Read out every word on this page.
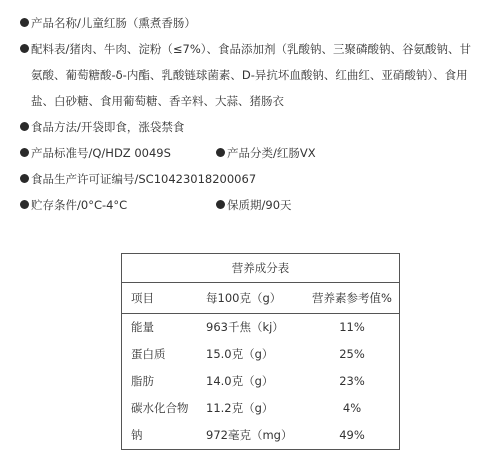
产品名称/儿童红肠（熏煮香肠）
配料表/猪肉、牛肉、淀粉（≤7%）、食品添加剂（乳酸钠、三聚磷酸钠、谷氨酸钠、甘氨酸、葡萄糖酸-δ-内酯、乳酸链球菌素、D-异抗坏血酸钠、红曲红、亚硝酸钠）、食用盐、白砂糖、食用葡萄糖、香辛料、大蒜、猪肠衣
食品方法/开袋即食，涨袋禁食
产品标准号/Q/HDZ 0049S	产品分类/红肠VX
食品生产许可证编号/SC10423018200067
贮存条件/0°C-4°C	保质期/90天
营养成分表
项目	每100克（g）	营养素参考值%
能量	963千焦（kj）	11%
蛋白质	15.0克（g）	25%
脂肪	14.0克（g）	23%
碳水化合物	11.2克（g）	4%
钠	972毫克（mg）	49%
